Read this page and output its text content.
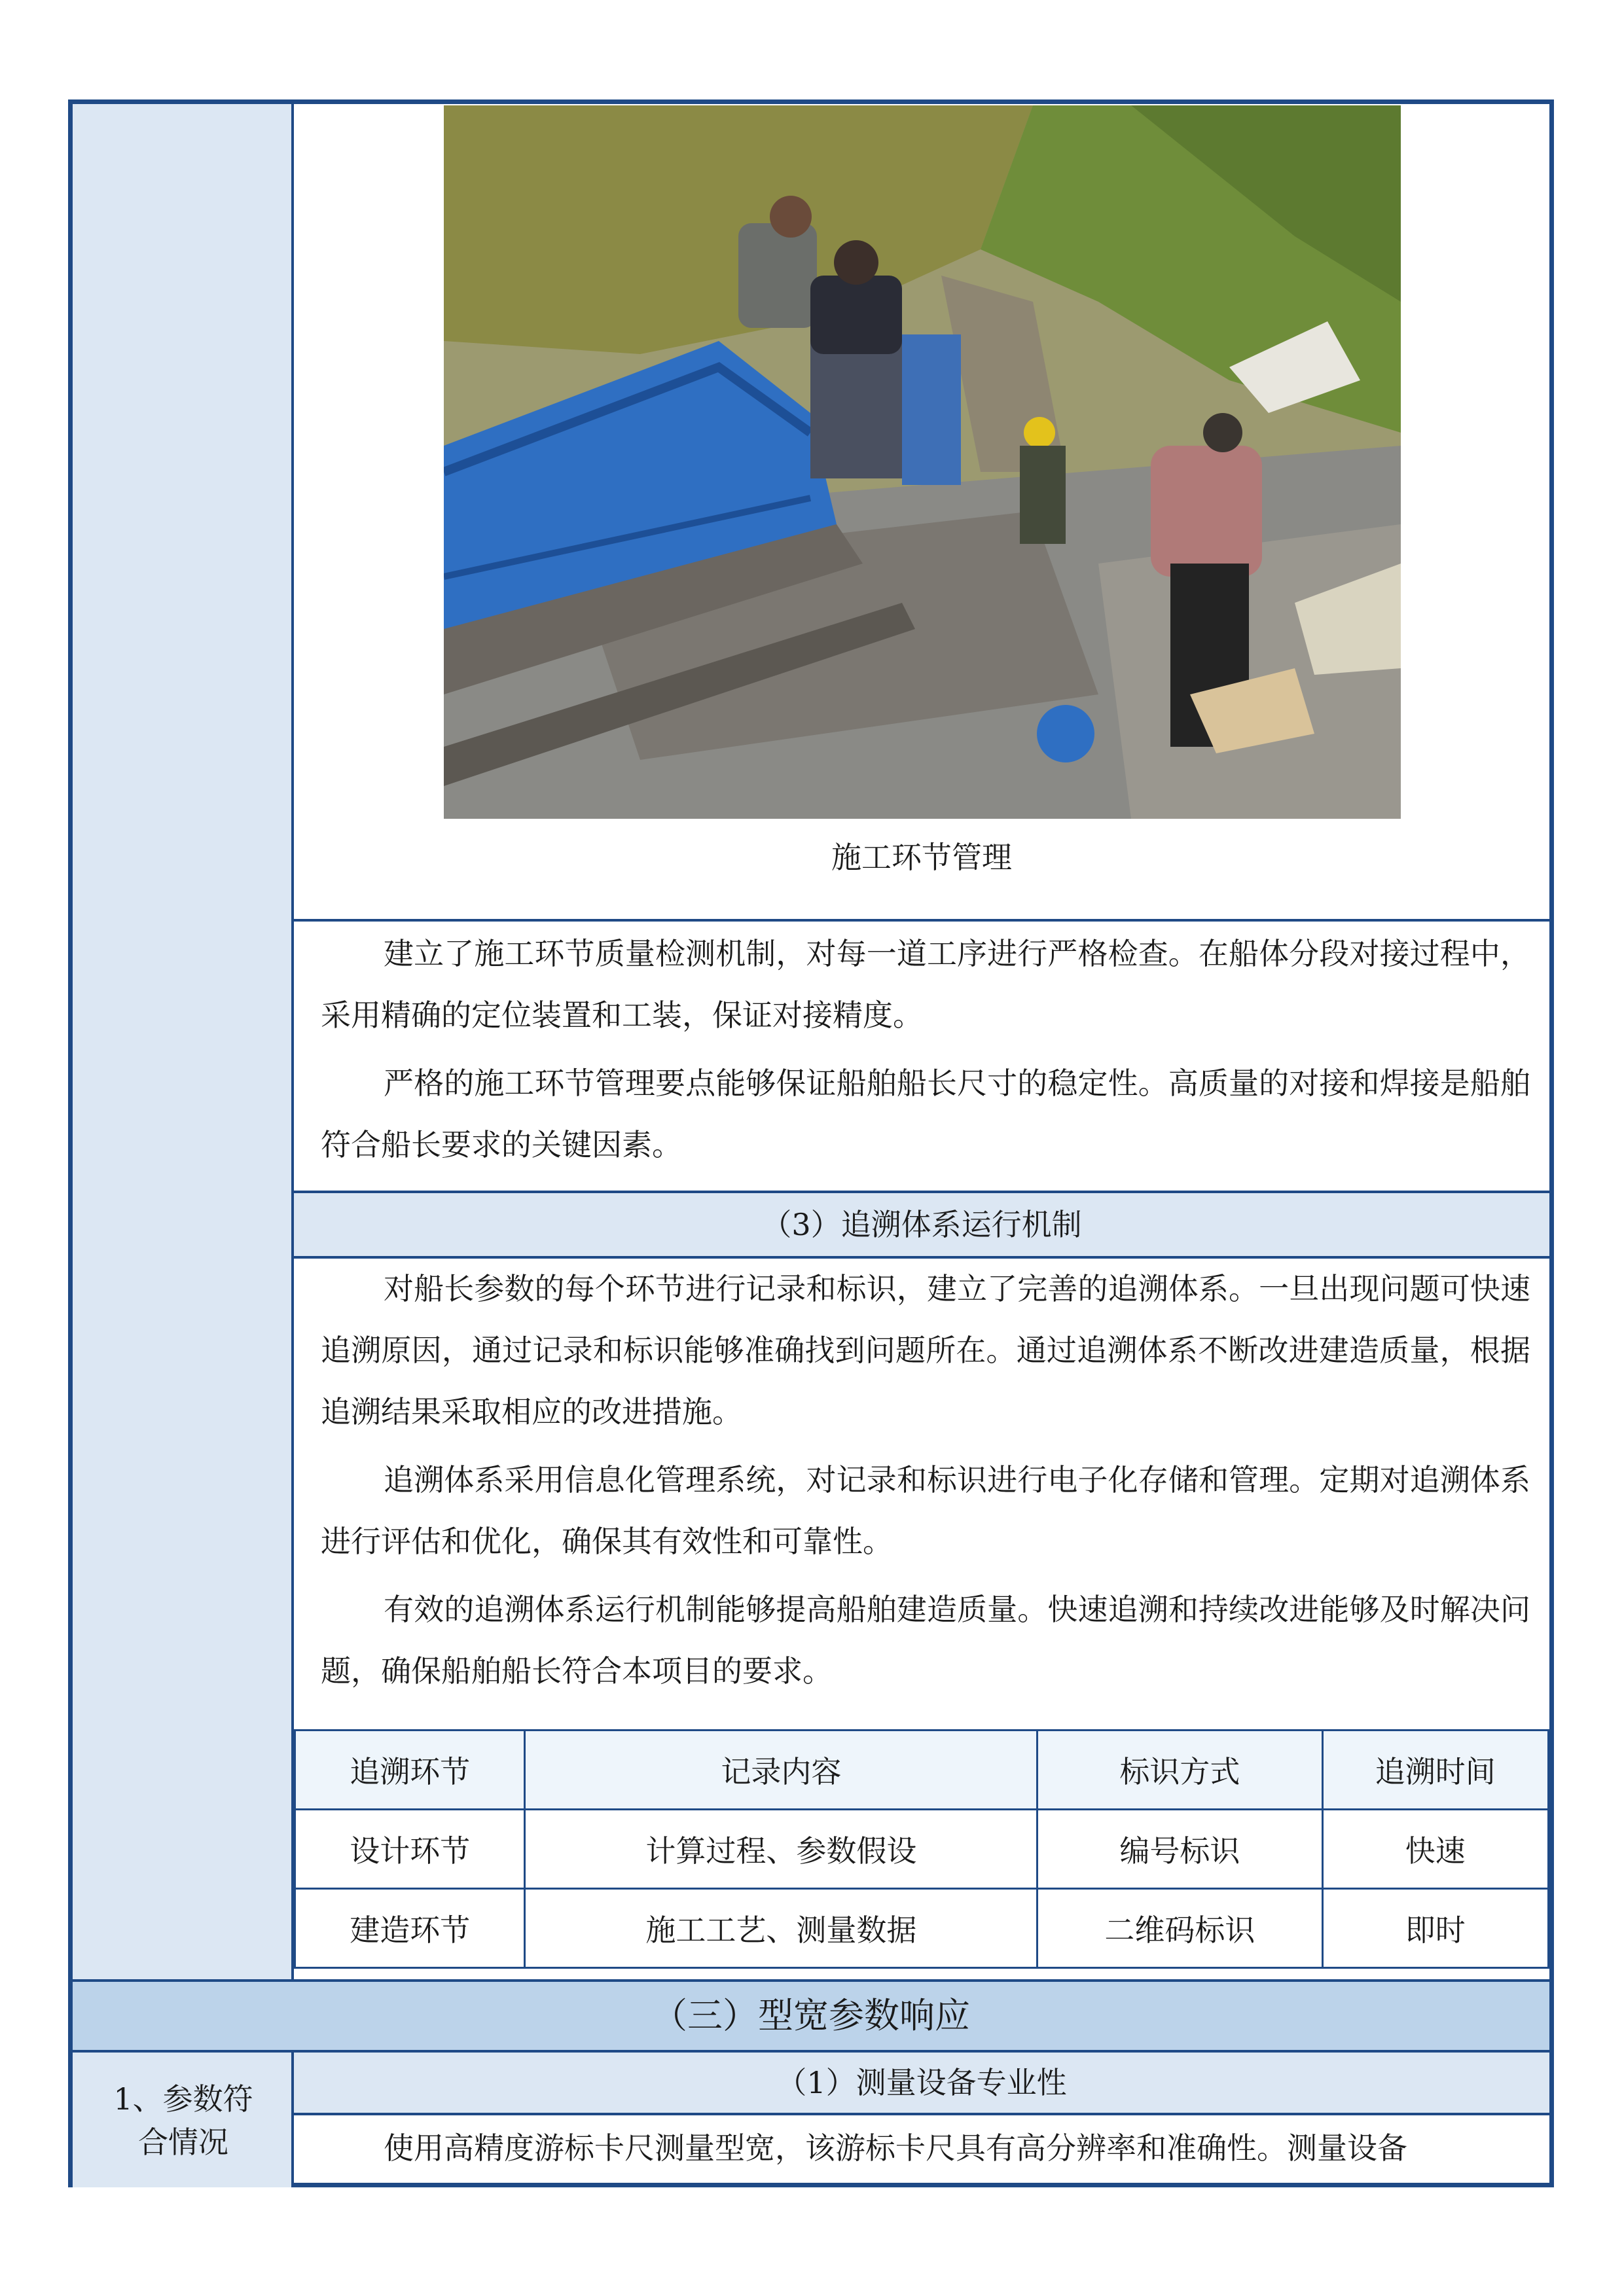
施工环节管理

建立了施工环节质量检测机制，对每一道工序进行严格检查。在船体分段对接过程中，采用精确的定位装置和工装，保证对接精度。

严格的施工环节管理要点能够保证船舶船长尺寸的稳定性。高质量的对接和焊接是船舶符合船长要求的关键因素。

（3）追溯体系运行机制

对船长参数的每个环节进行记录和标识，建立了完善的追溯体系。一旦出现问题可快速追溯原因，通过记录和标识能够准确找到问题所在。通过追溯体系不断改进建造质量，根据追溯结果采取相应的改进措施。

追溯体系采用信息化管理系统，对记录和标识进行电子化存储和管理。定期对追溯体系进行评估和优化，确保其有效性和可靠性。

有效的追溯体系运行机制能够提高船舶建造质量。快速追溯和持续改进能够及时解决问题，确保船舶船长符合本项目的要求。

追溯环节	记录内容	标识方式	追溯时间
设计环节	计算过程、参数假设	编号标识	快速
建造环节	施工工艺、测量数据	二维码标识	即时
（三）型宽参数响应
1、参数符合情况
（1）测量设备专业性

使用高精度游标卡尺测量型宽，该游标卡尺具有高分辨率和准确性。测量设备
